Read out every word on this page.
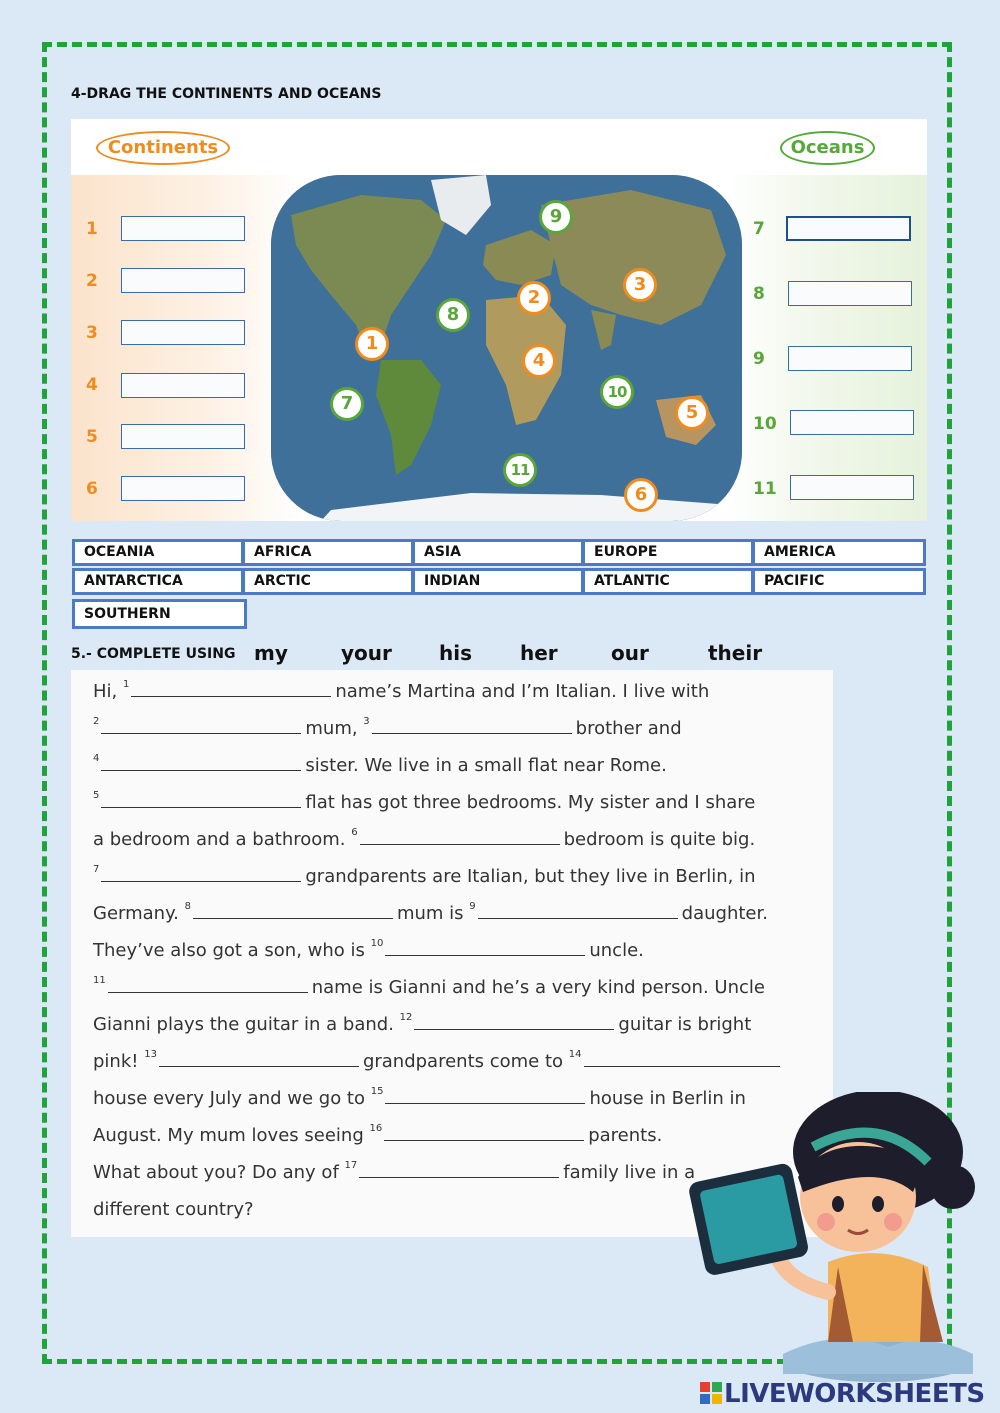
4-DRAG THE CONTINENTS AND OCEANS
Continents	Oceans
1
2
3
4
5
6
7
8
9
10
11
1
2
3
4
5
6
7
8
9
10
11
OCEANIA	AFRICA	ASIA	EUROPE	AMERICA
ANTARCTICA	ARCTIC	INDIAN	ATLANTIC	PACIFIC
SOUTHERN
5.- COMPLETE USING my	your his her	our	their
Hi, $^1$	name’s Martina and I’m Italian. I live with
$^2$	mum, $^3$	brother and
$^4$	sister. We live in a small flat near Rome.
$^5$	flat has got three bedrooms. My sister and I share
a bedroom and a bathroom. $^6$	bedroom is quite big.
$^7$	grandparents are Italian, but they live in Berlin, in
Germany. $^8$	mum is $^9$	daughter.
They’ve also got a son, who is $^{10}$	uncle.
$^{11}$	name is Gianni and he’s a very kind person. Uncle
Gianni plays the guitar in a band. $^{12}$	guitar is bright
pink! $^{13}$	grandparents come to $^{14}$
house every July and we go to $^{15}$	house in Berlin in
August. My mum loves seeing $^{16}$	parents.
What about you? Do any of $^{17}$	family live in a
different country?
LIVEWORKSHEETS
